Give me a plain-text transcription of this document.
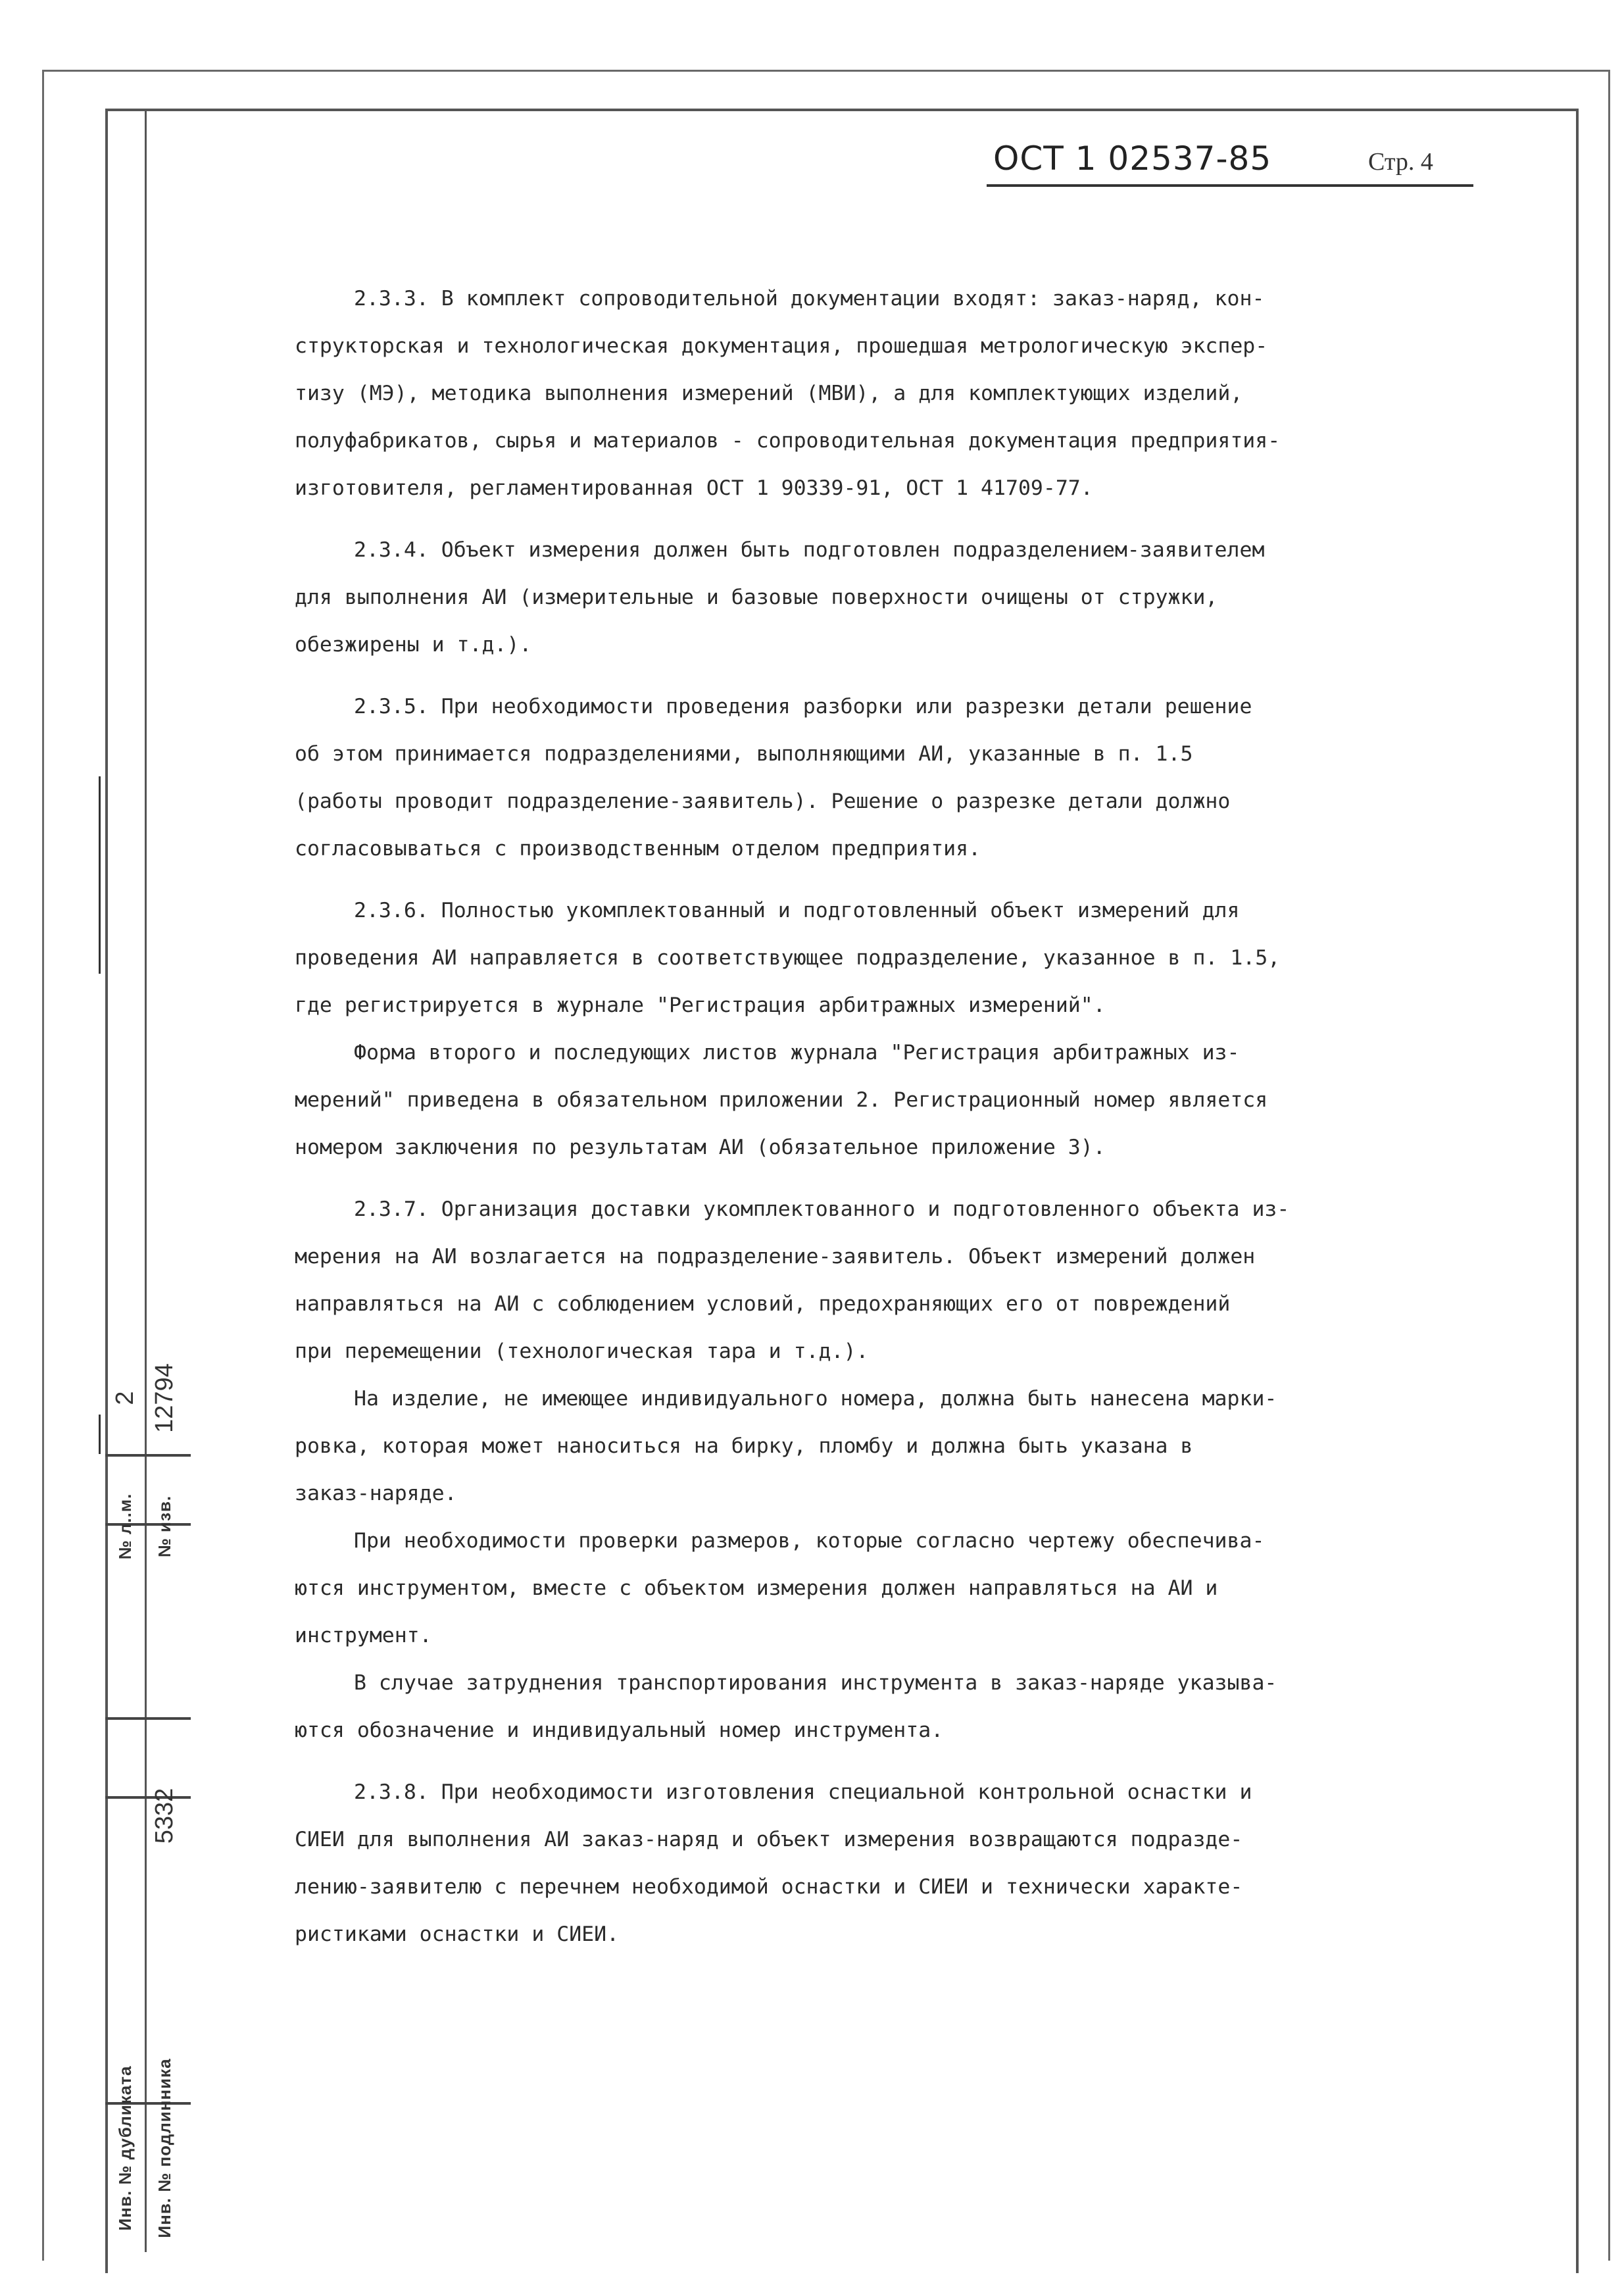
№ л..м.
2
№ изв.
12794
5332
Инв. № дубликата Инв. № подлинника
ОСТ 1 02537-85	Стр. 4
2.3.3. В комплект сопроводительной документации входят: заказ-наряд, кон-
структорская и технологическая документация, прошедшая метрологическую экспер-
тизу (МЭ), методика выполнения измерений (МВИ), а для комплектующих изделий,
полуфабрикатов, сырья и материалов - сопроводительная документация предприятия-
изготовителя, регламентированная ОСТ 1 90339-91, ОСТ 1 41709-77.
2.3.4. Объект измерения должен быть подготовлен подразделением-заявителем
для выполнения АИ (измерительные и базовые поверхности очищены от стружки,
обезжирены и т.д.).
2.3.5. При необходимости проведения разборки или разрезки детали решение
об этом принимается подразделениями, выполняющими АИ, указанные в п. 1.5
(работы проводит подразделение-заявитель). Решение о разрезке детали должно
согласовываться с производственным отделом предприятия.
2.3.6. Полностью укомплектованный и подготовленный объект измерений для
проведения АИ направляется в соответствующее подразделение, указанное в п. 1.5,
где регистрируется в журнале "Регистрация арбитражных измерений".
Форма второго и последующих листов журнала "Регистрация арбитражных из-
мерений" приведена в обязательном приложении 2. Регистрационный номер является
номером заключения по результатам АИ (обязательное приложение 3).
2.3.7. Организация доставки укомплектованного и подготовленного объекта из-
мерения на АИ возлагается на подразделение-заявитель. Объект измерений должен
направляться на АИ с соблюдением условий, предохраняющих его от повреждений
при перемещении (технологическая тара и т.д.).
На изделие, не имеющее индивидуального номера, должна быть нанесена марки-
ровка, которая может наноситься на бирку, пломбу и должна быть указана в
заказ-наряде.
При необходимости проверки размеров, которые согласно чертежу обеспечива-
ются инструментом, вместе с объектом измерения должен направляться на АИ и
инструмент.
В случае затруднения транспортирования инструмента в заказ-наряде указыва-
ются обозначение и индивидуальный номер инструмента.
2.3.8. При необходимости изготовления специальной контрольной оснастки и
СИЕИ для выполнения АИ заказ-наряд и объект измерения возвращаются подразде-
лению-заявителю с перечнем необходимой оснастки и СИЕИ и технически характе-
ристиками оснастки и СИЕИ.
